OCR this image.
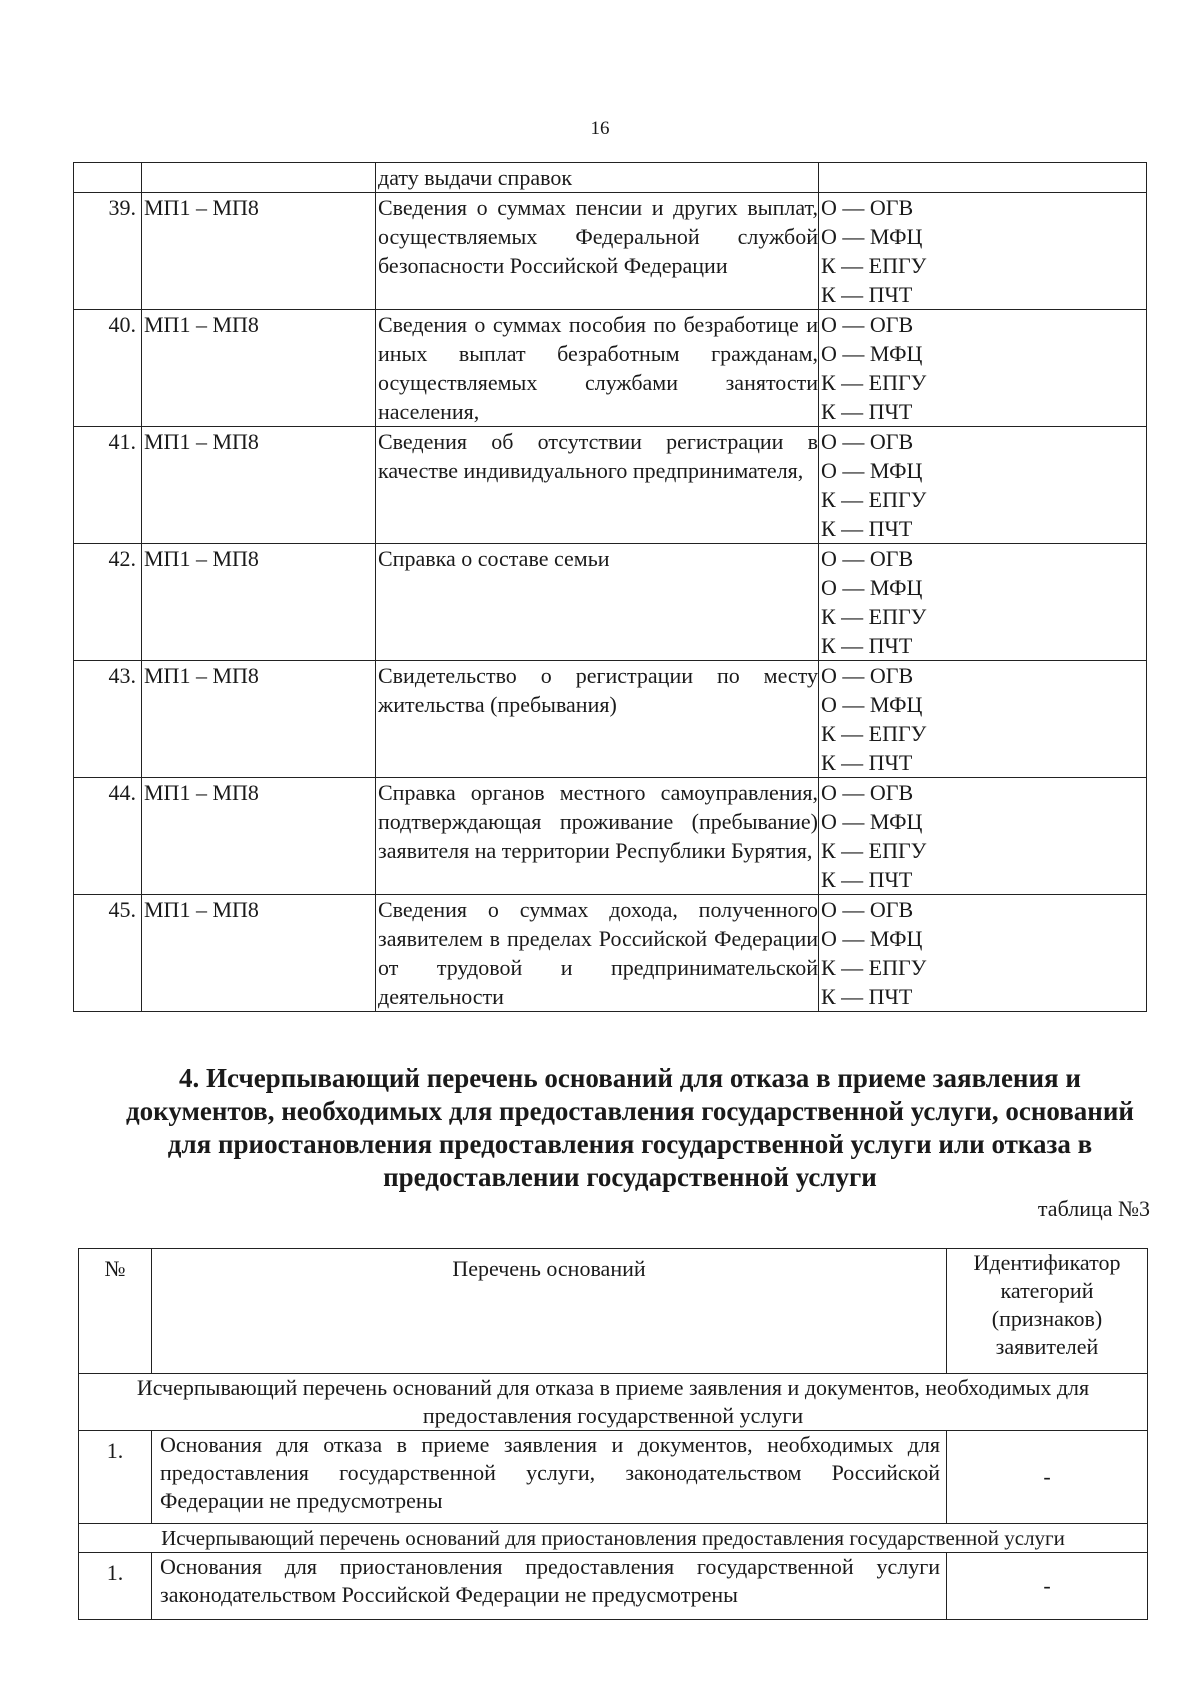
16
		дату выдачи справок	
39.	МП1 – МП8	Сведения о суммах пенсии и других выплат, осуществляемых Федеральной службой безопасности Российской Федерации	О — ОГВ
О — МФЦ
К — ЕПГУ
К — ПЧТ

40.	МП1 – МП8	Сведения о суммах пособия по безработице и иных выплат безработным гражданам, осуществляемых службами занятости населения,	О — ОГВ
О — МФЦ
К — ЕПГУ
К — ПЧТ

41.	МП1 – МП8	Сведения об отсутствии регистрации в качестве индивидуального предпринимателя,	О — ОГВ
О — МФЦ
К — ЕПГУ
К — ПЧТ

42.	МП1 – МП8	Справка о составе семьи	О — ОГВ
О — МФЦ
К — ЕПГУ
К — ПЧТ

43.	МП1 – МП8	Свидетельство о регистрации по месту жительства (пребывания)	О — ОГВ
О — МФЦ
К — ЕПГУ
К — ПЧТ

44.	МП1 – МП8	Справка органов местного самоуправления, подтверждающая проживание (пребывание) заявителя на территории Республики Бурятия,	О — ОГВ
О — МФЦ
К — ЕПГУ
К — ПЧТ

45.	МП1 – МП8	Сведения о суммах дохода, полученного заявителем в пределах Российской Федерации от трудовой и предпринимательской деятельности	О — ОГВ
О — МФЦ
К — ЕПГУ
К — ПЧТ
4. Исчерпывающий перечень оснований для отказа в приеме заявления и документов, необходимых для предоставления государственной услуги, оснований для приостановления предоставления государственной услуги или отказа в предоставлении государственной услуги
таблица №3
№	Перечень оснований	Идентификатор категорий (признаков) заявителей
Исчерпывающий перечень оснований для отказа в приеме заявления и документов, необходимых для предоставления государственной услуги		
1.	Основания для отказа в приеме заявления и документов, необходимых для предоставления государственной услуги, законодательством Российской Федерации не предусмотрены	-
Исчерпывающий перечень оснований для приостановления предоставления государственной услуги		
1.	Основания для приостановления предоставления государственной услуги законодательством Российской Федерации не предусмотрены	-
